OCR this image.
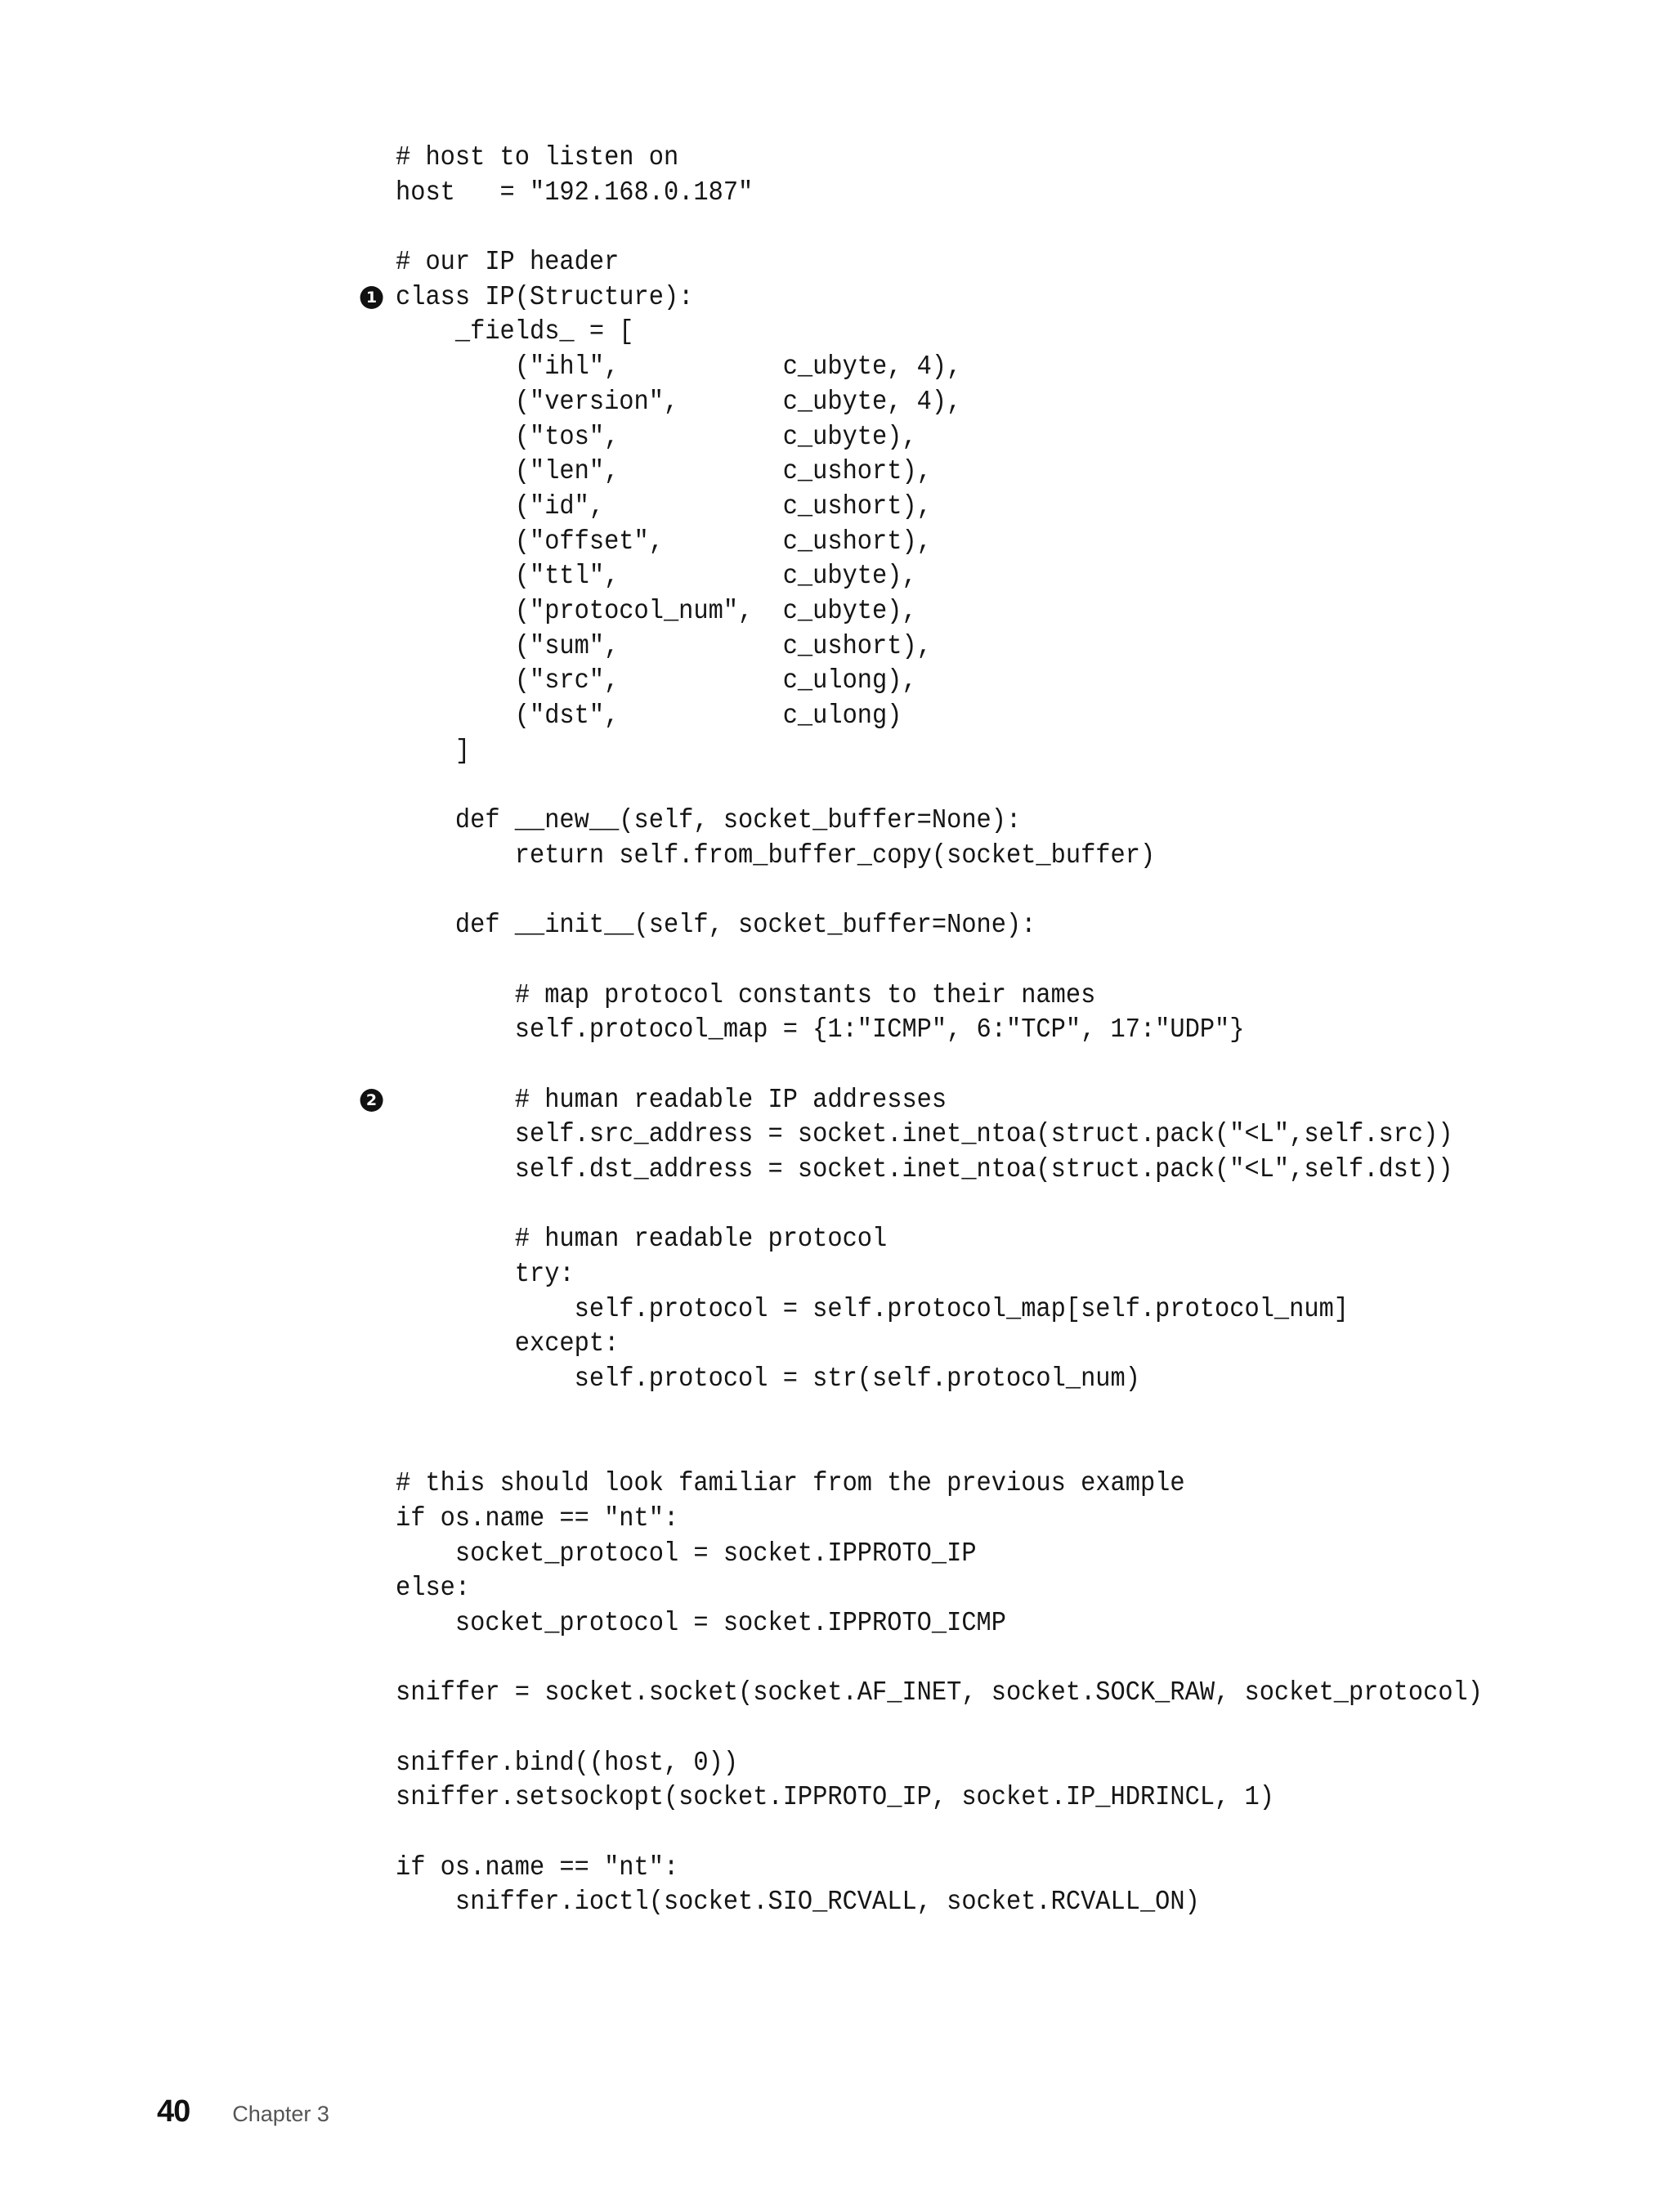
# host to listen on
host   = "192.168.0.187"
# our IP header
class IP(Structure):
1
_fields_ = [
("ihl",           c_ubyte, 4),
("version",       c_ubyte, 4),
("tos",           c_ubyte),
("len",           c_ushort),
("id",            c_ushort),
("offset",        c_ushort),
("ttl",           c_ubyte),
("protocol_num",  c_ubyte),
("sum",           c_ushort),
("src",           c_ulong),
("dst",           c_ulong)
]
def __new__(self, socket_buffer=None):
return self.from_buffer_copy(socket_buffer)
def __init__(self, socket_buffer=None):
# map protocol constants to their names
self.protocol_map = {1:"ICMP", 6:"TCP", 17:"UDP"}
# human readable IP addresses
2
self.src_address = socket.inet_ntoa(struct.pack("<L",self.src))
self.dst_address = socket.inet_ntoa(struct.pack("<L",self.dst))
# human readable protocol
try:
self.protocol = self.protocol_map[self.protocol_num]
except:
self.protocol = str(self.protocol_num)
# this should look familiar from the previous example
if os.name == "nt":
socket_protocol = socket.IPPROTO_IP
else:
socket_protocol = socket.IPPROTO_ICMP
sniffer = socket.socket(socket.AF_INET, socket.SOCK_RAW, socket_protocol)
sniffer.bind((host, 0))
sniffer.setsockopt(socket.IPPROTO_IP, socket.IP_HDRINCL, 1)
if os.name == "nt":
sniffer.ioctl(socket.SIO_RCVALL, socket.RCVALL_ON)
40 Chapter 3
